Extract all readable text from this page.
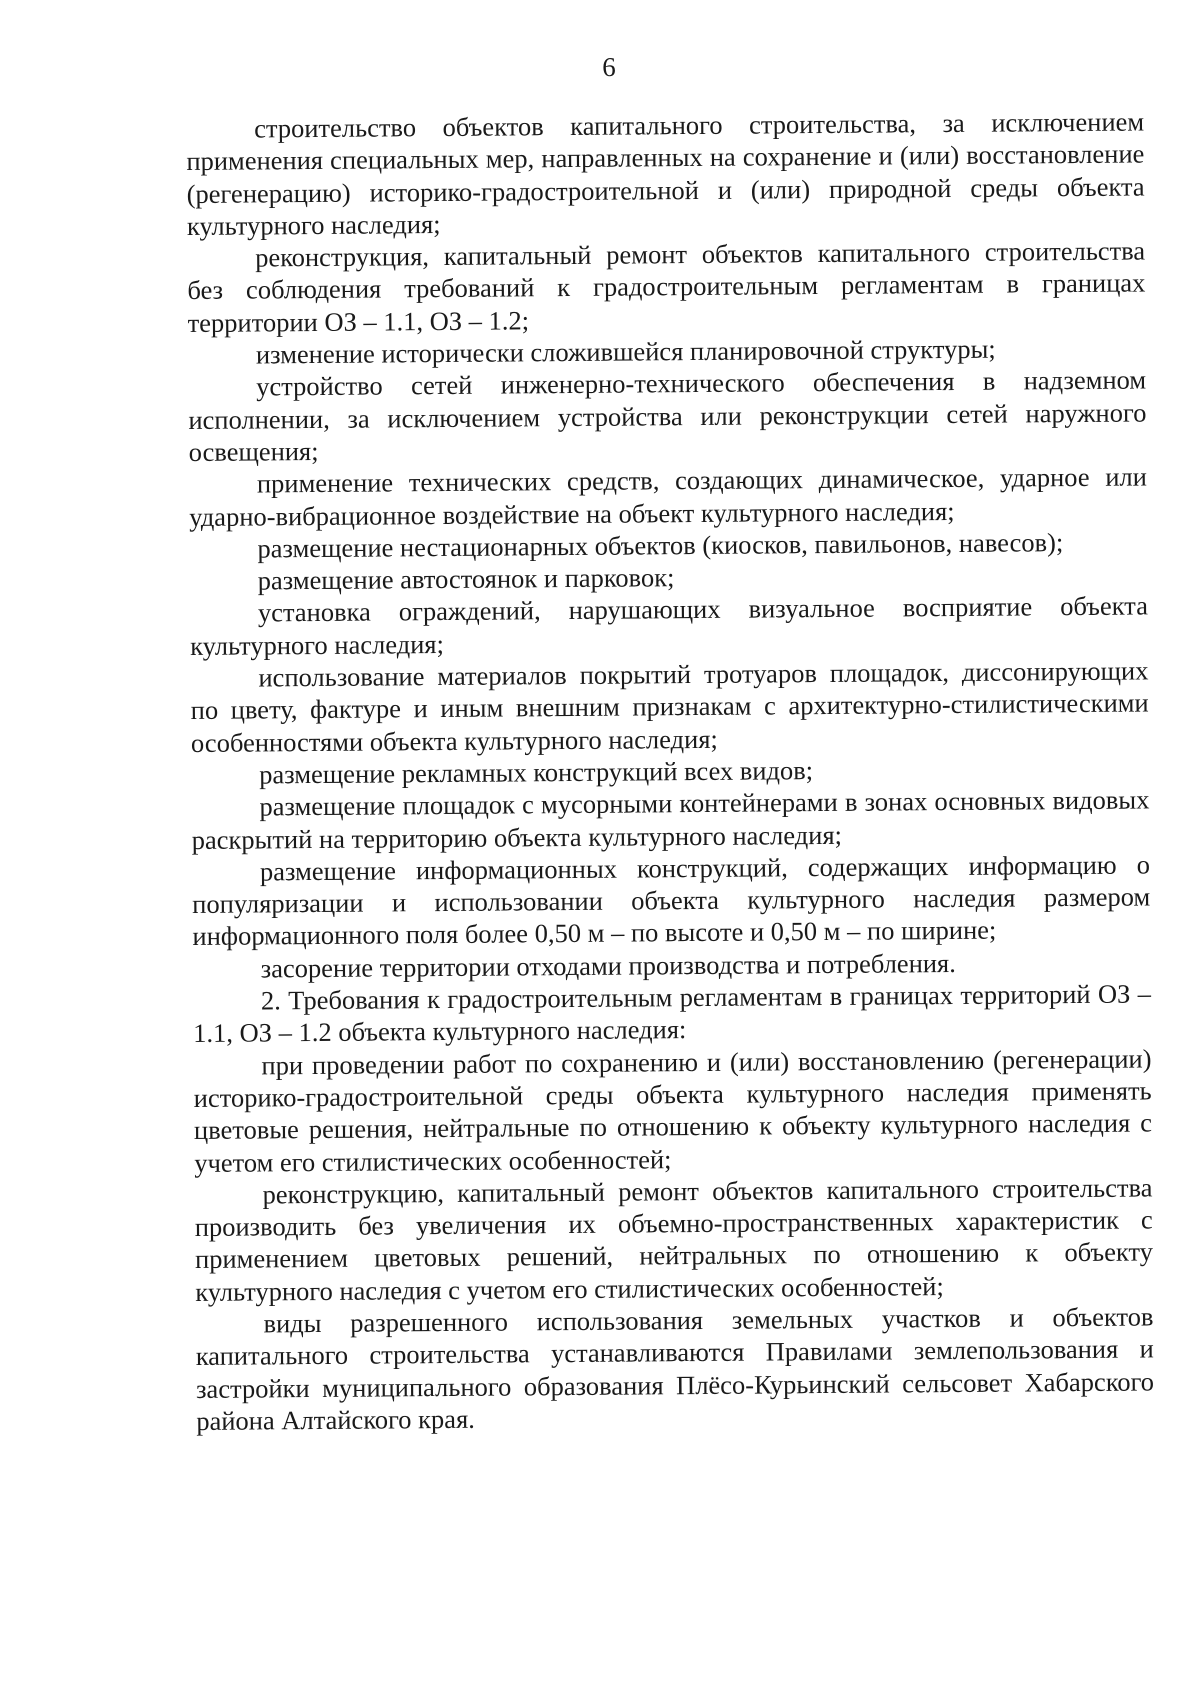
6

строительство объектов капитального строительства, за исключением применения специальных мер, направленных на сохранение и (или) восстановление (регенерацию) историко-градостроительной и (или) природной среды объекта культурного наследия;

реконструкция, капитальный ремонт объектов капитального строительства без соблюдения требований к градостроительным регламентам в границах территории ОЗ – 1.1, ОЗ – 1.2;

изменение исторически сложившейся планировочной структуры;

устройство сетей инженерно-технического обеспечения в надземном исполнении, за исключением устройства или реконструкции сетей наружного освещения;

применение технических средств, создающих динамическое, ударное или ударно-вибрационное воздействие на объект культурного наследия;

размещение нестационарных объектов (киосков, павильонов, навесов);

размещение автостоянок и парковок;

установка ограждений, нарушающих визуальное восприятие объекта культурного наследия;

использование материалов покрытий тротуаров площадок, диссонирующих по цвету, фактуре и иным внешним признакам с архитектурно-стилистическими особенностями объекта культурного наследия;

размещение рекламных конструкций всех видов;

размещение площадок с мусорными контейнерами в зонах основных видовых раскрытий на территорию объекта культурного наследия;

размещение информационных конструкций, содержащих информацию о популяризации и использовании объекта культурного наследия размером информационного поля более 0,50 м – по высоте и 0,50 м – по ширине;

засорение территории отходами производства и потребления.

2. Требования к градостроительным регламентам в границах территорий ОЗ – 1.1, ОЗ – 1.2 объекта культурного наследия:

при проведении работ по сохранению и (или) восстановлению (регенерации) историко-градостроительной среды объекта культурного наследия применять цветовые решения, нейтральные по отношению к объекту культурного наследия с учетом его стилистических особенностей;

реконструкцию, капитальный ремонт объектов капитального строительства производить без увеличения их объемно-пространственных характеристик с применением цветовых решений, нейтральных по отношению к объекту культурного наследия с учетом его стилистических особенностей;

виды разрешенного использования земельных участков и объектов капитального строительства устанавливаются Правилами землепользования и застройки муниципального образования Плёсо-Курьинский сельсовет Хабарского района Алтайского края.
